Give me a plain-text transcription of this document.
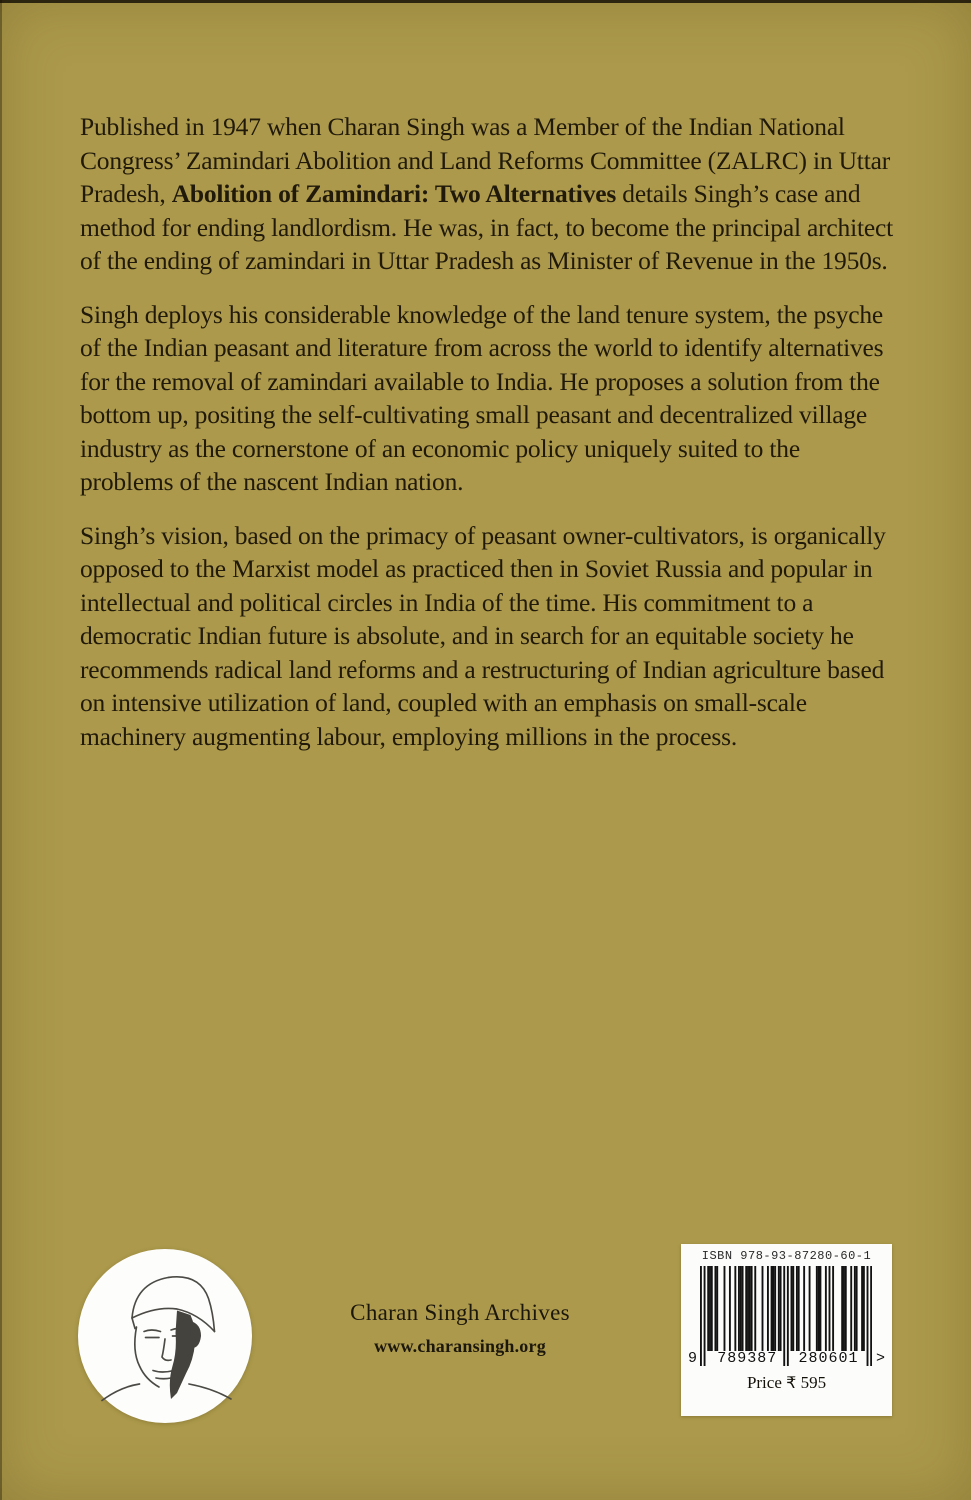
Published in 1947 when Charan Singh was a Member of the Indian National Congress’ Zamindari Abolition and Land Reforms Committee (ZALRC) in Uttar Pradesh, Abolition of Zamindari: Two Alternatives details Singh’s case and method for ending landlordism. He was, in fact, to become the principal architect of the ending of zamindari in Uttar Pradesh as Minister of Revenue in the 1950s.

Singh deploys his considerable knowledge of the land tenure system, the psyche of the Indian peasant and literature from across the world to identify alternatives for the removal of zamindari available to India. He proposes a solution from the bottom up, positing the self-cultivating small peasant and decentralized village industry as the cornerstone of an economic policy uniquely suited to the problems of the nascent Indian nation.

Singh’s vision, based on the primacy of peasant owner-cultivators, is organically opposed to the Marxist model as practiced then in Soviet Russia and popular in intellectual and political circles in India of the time. His commitment to a democratic Indian future is absolute, and in search for an equitable society he recommends radical land reforms and a restructuring of Indian agriculture based on intensive utilization of land, coupled with an emphasis on small-scale machinery augmenting labour, employing millions in the process.

Charan Singh Archives
www.charansingh.org
ISBN 978-93-87280-60-1
9	789387	280601	>
Price ₹ 595
